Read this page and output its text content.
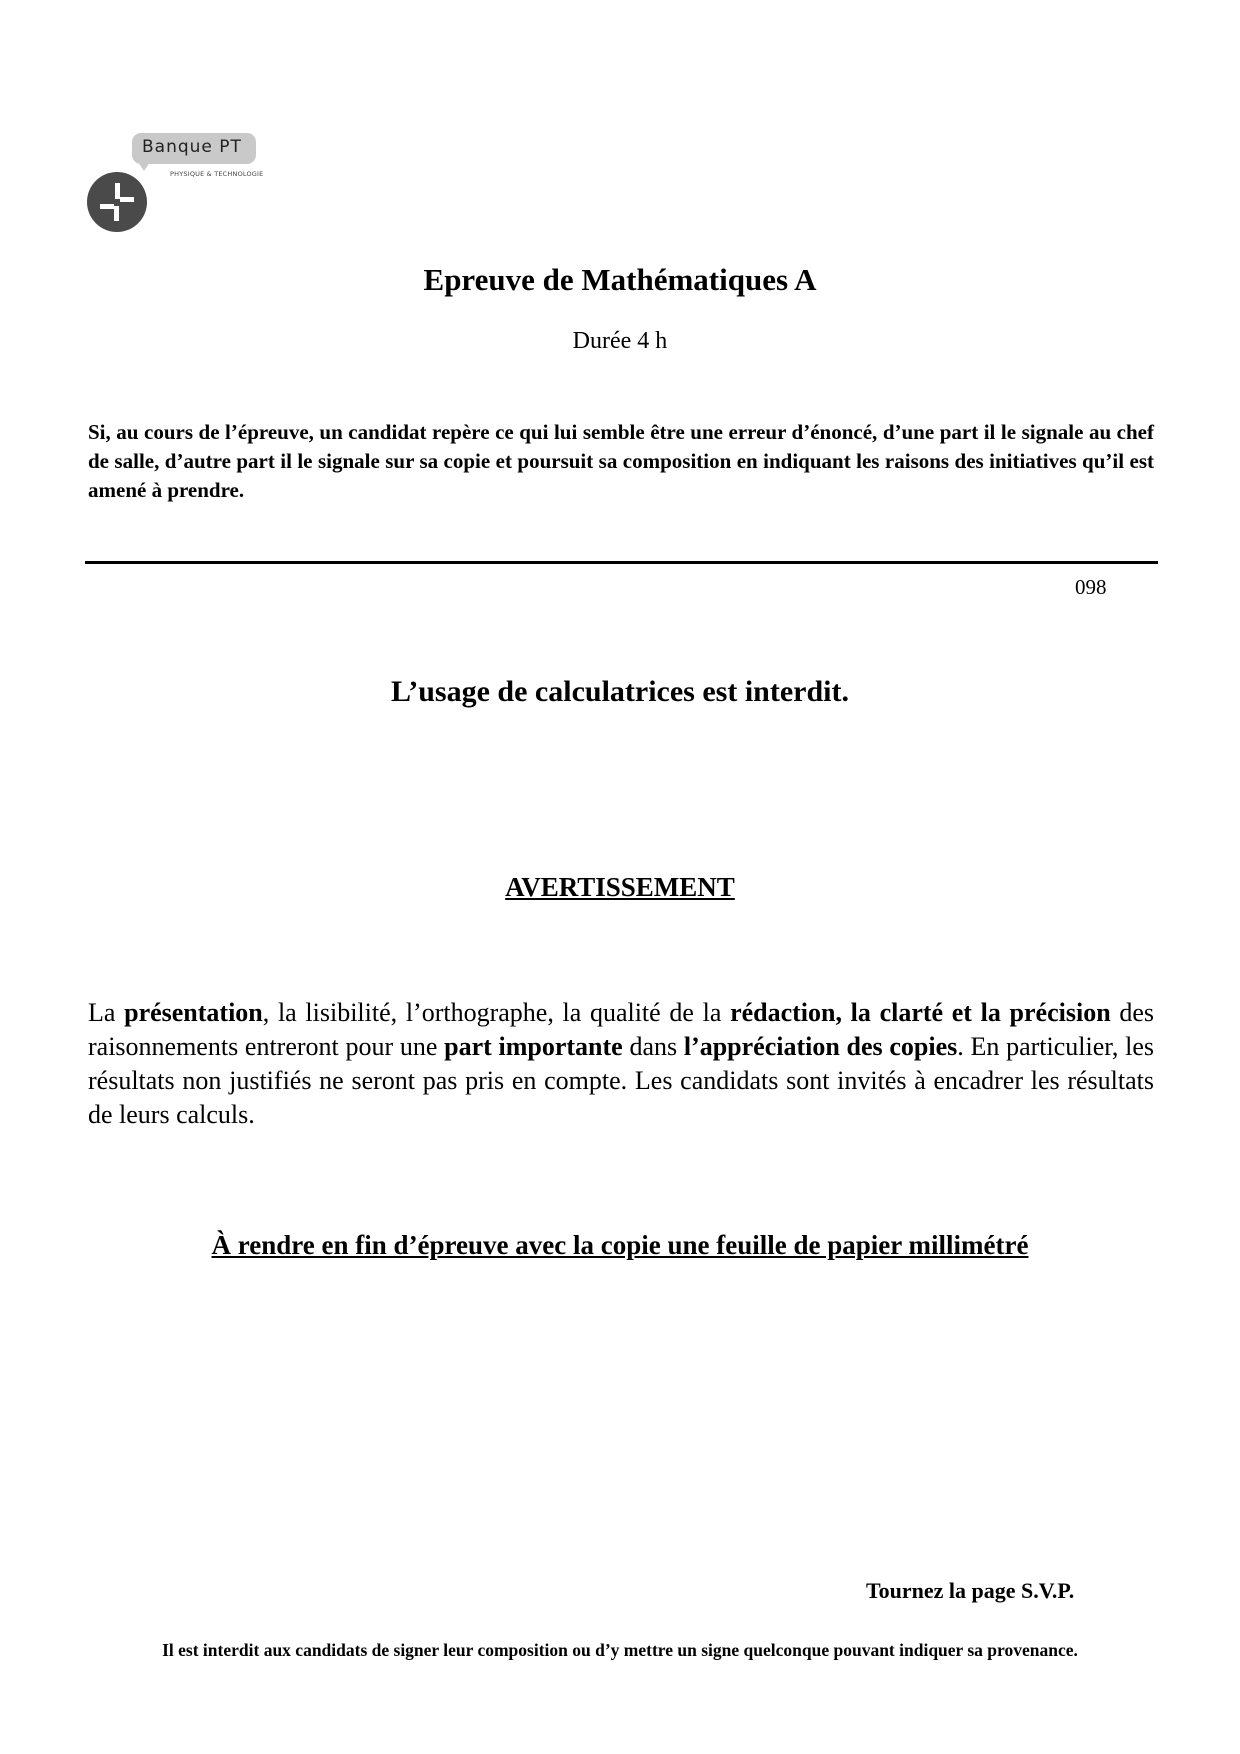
Banque PT
PHYSIQUE & TECHNOLOGIE
Epreuve de Mathématiques A
Durée 4 h

Si, au cours de l’épreuve, un candidat repère ce qui lui semble être une erreur d’énoncé, d’une part il le signale au chef de salle, d’autre part il le signale sur sa copie et poursuit sa composition en indiquant les raisons des initiatives qu’il est amené à prendre.

098
L’usage de calculatrices est interdit.
AVERTISSEMENT

La présentation, la lisibilité, l’orthographe, la qualité de la rédaction, la clarté et la précision des raisonnements entreront pour une part importante dans l’appréciation des copies. En particulier, les résultats non justifiés ne seront pas pris en compte. Les candidats sont invités à encadrer les résultats de leurs calculs.

À rendre en fin d’épreuve avec la copie une feuille de papier millimétré
Tournez la page S.V.P.
Il est interdit aux candidats de signer leur composition ou d’y mettre un signe quelconque pouvant indiquer sa provenance.
